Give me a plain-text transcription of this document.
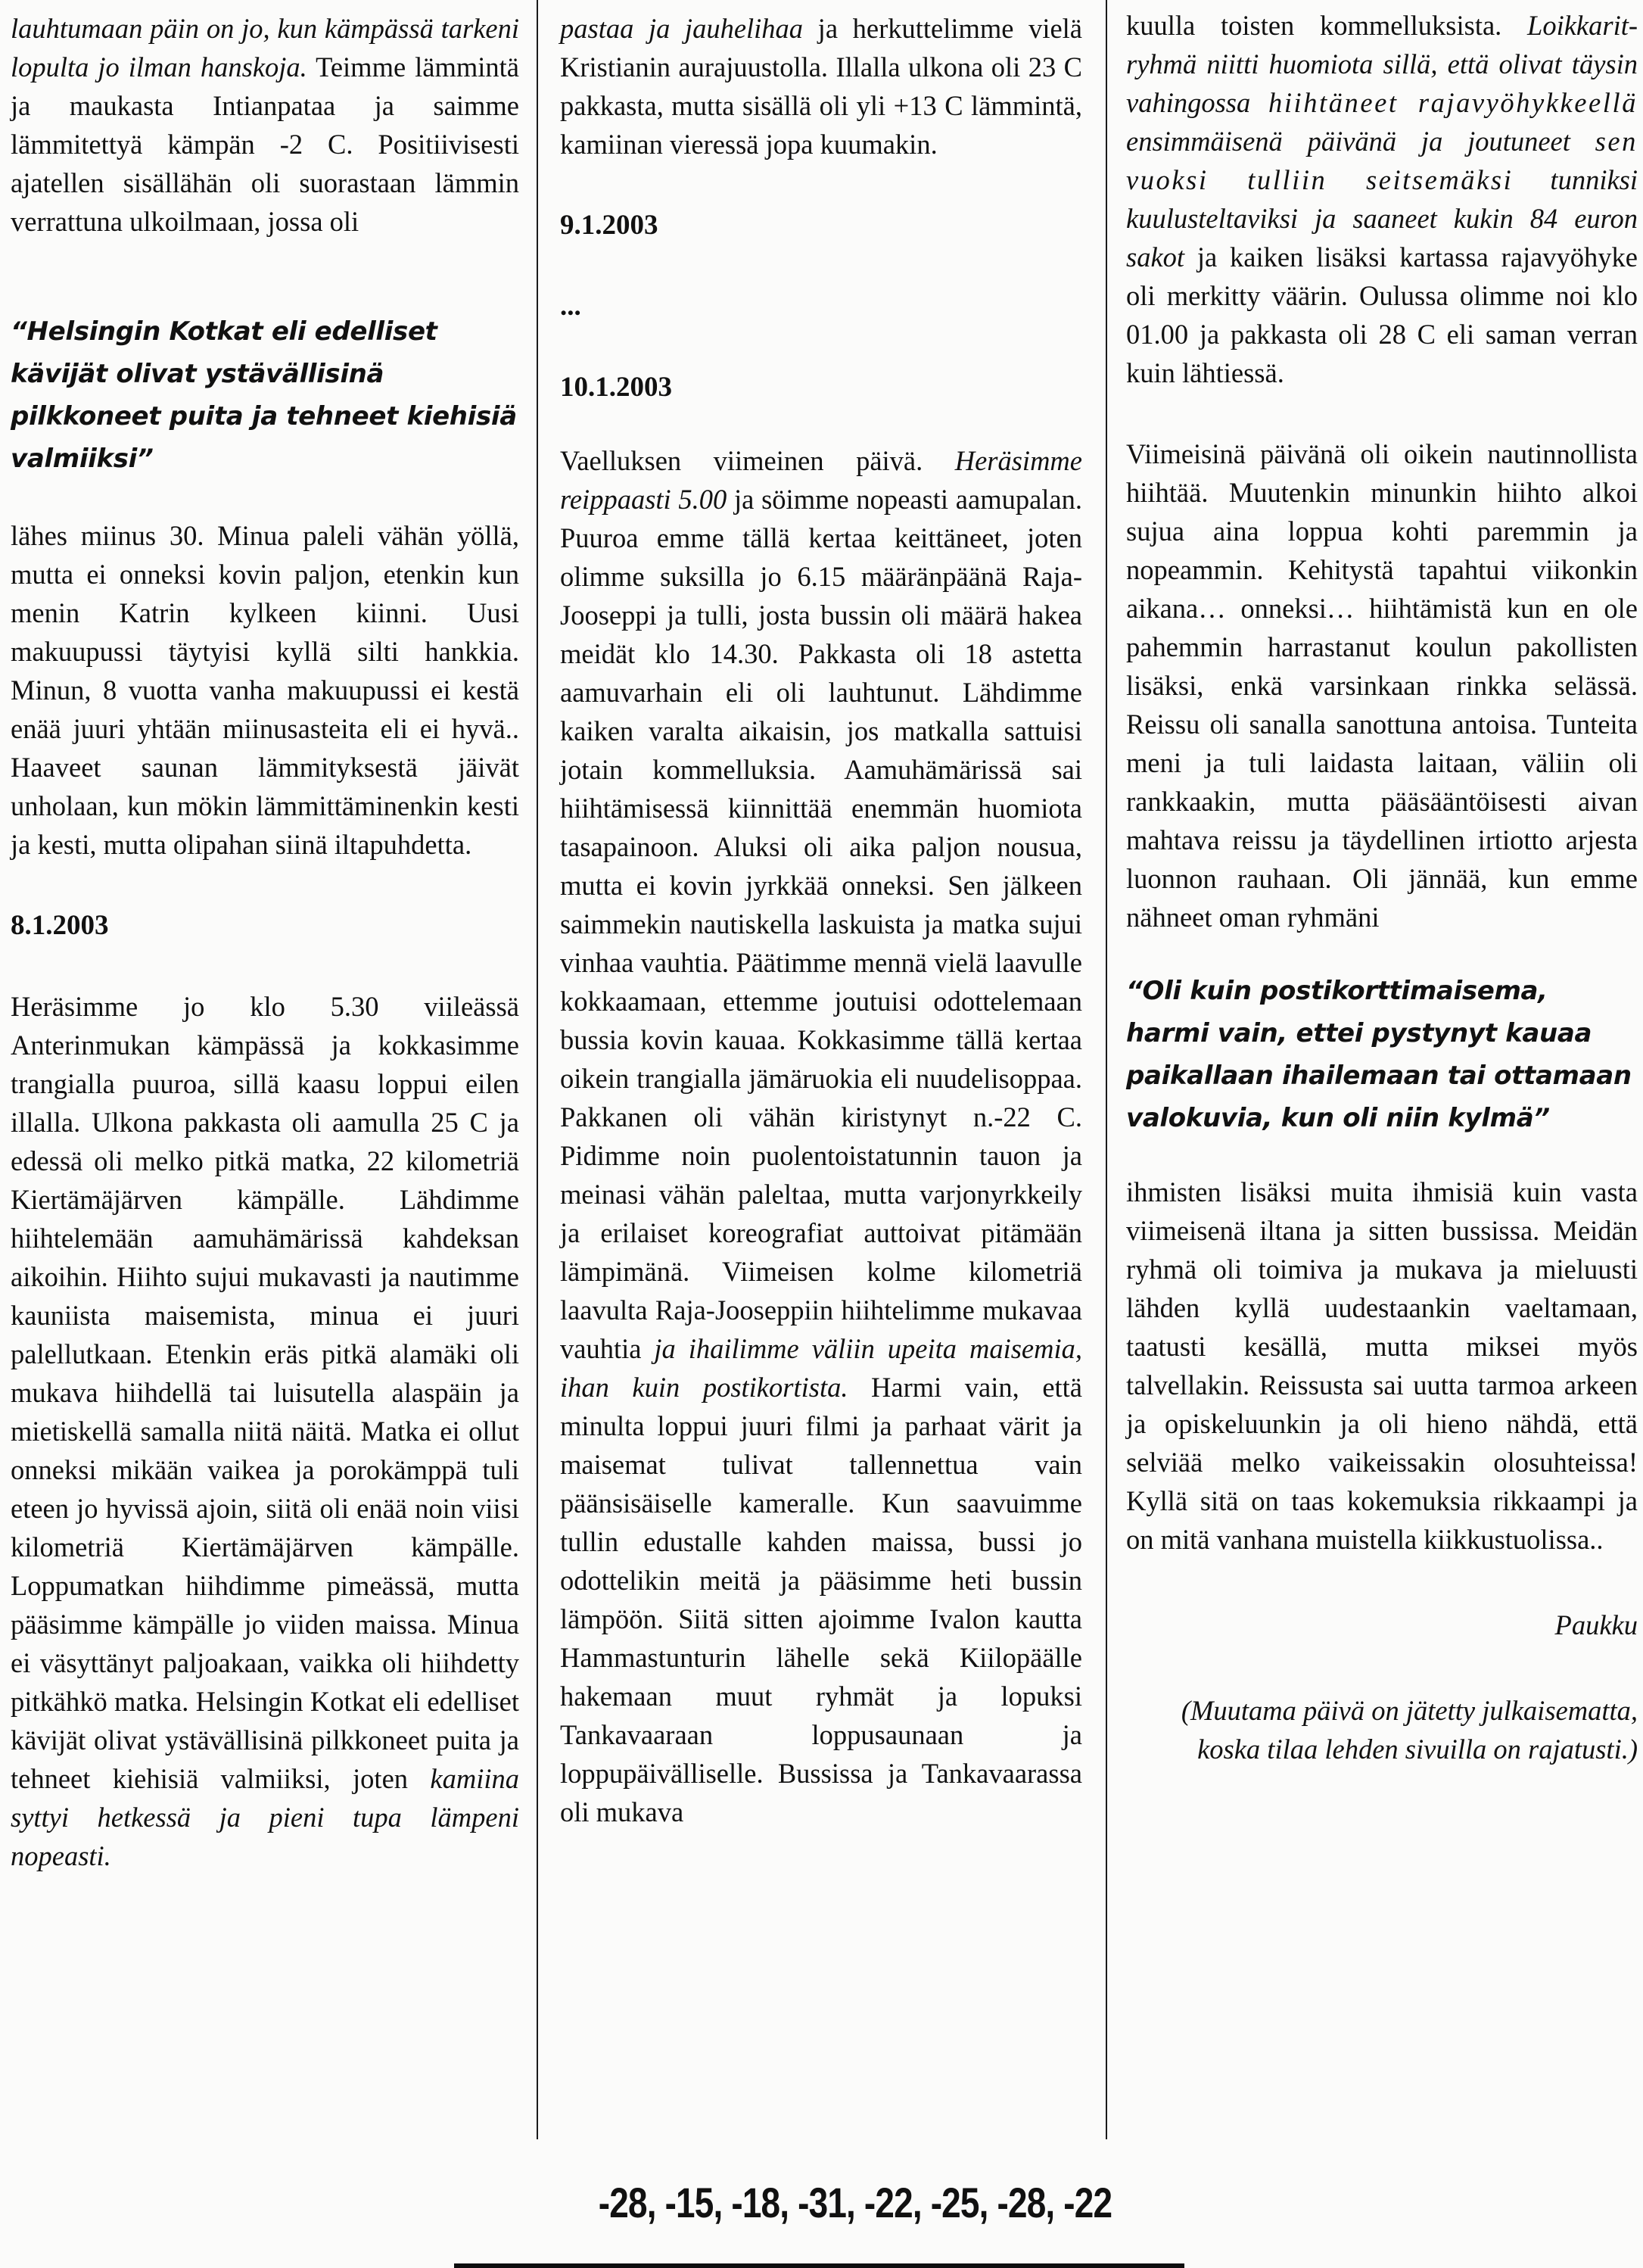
lauhtumaan päin on jo, kun kämpässä tarkeni lopulta jo ilman hanskoja. Teimme lämmintä ja maukasta Intianpataa ja saimme lämmitettyä kämpän -2 C. Positiivisesti ajatellen sisällähän oli suorastaan lämmin verrattuna ulkoilmaan, jossa oli

“Helsingin Kotkat eli edelliset kävijät olivat ystävällisinä pilkkoneet puita ja tehneet kiehisiä valmiiksi”

lähes miinus 30. Minua paleli vähän yöllä, mutta ei onneksi kovin paljon, etenkin kun menin Katrin kylkeen kiinni. Uusi makuupussi täytyisi kyllä silti hankkia. Minun, 8 vuotta vanha makuupussi ei kestä enää juuri yhtään miinusasteita eli ei hyvä.. Haaveet saunan lämmityksestä jäivät unholaan, kun mökin lämmittäminenkin kesti ja kesti, mutta olipahan siinä iltapuhdetta.

8.1.2003

Heräsimme jo klo 5.30 viileässä Anterinmukan kämpässä ja kokkasimme trangialla puuroa, sillä kaasu loppui eilen illalla. Ulkona pakkasta oli aamulla 25 C ja edessä oli melko pitkä matka, 22 kilometriä Kiertämäjärven kämpälle. Lähdimme hiihtelemään aamuhämärissä kahdeksan aikoihin. Hiihto sujui mukavasti ja nautimme kauniista maisemista, minua ei juuri palellutkaan. Etenkin eräs pitkä alamäki oli mukava hiihdellä tai luisutella alaspäin ja mietiskellä samalla niitä näitä. Matka ei ollut onneksi mikään vaikea ja porokämppä tuli eteen jo hyvissä ajoin, siitä oli enää noin viisi kilometriä Kiertämäjärven kämpälle. Loppumatkan hiihdimme pimeässä, mutta pääsimme kämpälle jo viiden maissa. Minua ei väsyttänyt paljoakaan, vaikka oli hiihdetty pitkähkö matka. Helsingin Kotkat eli edelliset kävijät olivat ystävällisinä pilkkoneet puita ja tehneet kiehisiä valmiiksi, joten kamiina syttyi hetkessä ja pieni tupa lämpeni nopeasti.

pastaa ja jauhelihaa ja herkuttelimme vielä Kristianin aurajuustolla. Illalla ulkona oli 23 C pakkasta, mutta sisällä oli yli +13 C lämmintä, kamiinan vieressä jopa kuumakin.

9.1.2003

...

10.1.2003

Vaelluksen viimeinen päivä. Heräsimme reippaasti 5.00 ja söimme nopeasti aamupalan. Puuroa emme tällä kertaa keittäneet, joten olimme suksilla jo 6.15 määränpäänä Raja-Jooseppi ja tulli, josta bussin oli määrä hakea meidät klo 14.30. Pakkasta oli 18 astetta aamuvarhain eli oli lauhtunut. Lähdimme kaiken varalta aikaisin, jos matkalla sattuisi jotain kommelluksia. Aamuhämärissä sai hiihtämisessä kiinnittää enemmän huomiota tasapainoon. Aluksi oli aika paljon nousua, mutta ei kovin jyrkkää onneksi. Sen jälkeen saimmekin nautiskella laskuista ja matka sujui vinhaa vauhtia. Päätimme mennä vielä laavulle kokkaamaan, ettemme joutuisi odottelemaan bussia kovin kauaa. Kokkasimme tällä kertaa oikein trangialla jämäruokia eli nuudelisoppaa. Pakkanen oli vähän kiristynyt n.-22 C. Pidimme noin puolentoistatunnin tauon ja meinasi vähän paleltaa, mutta varjonyrkkeily ja erilaiset koreografiat auttoivat pitämään lämpimänä. Viimeisen kolme kilometriä laavulta Raja-Jooseppiin hiihtelimme mukavaa vauhtia ja ihailimme väliin upeita maisemia, ihan kuin postikortista. Harmi vain, että minulta loppui juuri filmi ja parhaat värit ja maisemat tulivat tallennettua vain päänsisäiselle kameralle. Kun saavuimme tullin edustalle kahden maissa, bussi jo odottelikin meitä ja pääsimme heti bussin lämpöön. Siitä sitten ajoimme Ivalon kautta Hammastunturin lähelle sekä Kiilopäälle hakemaan muut ryhmät ja lopuksi Tankavaaraan loppusaunaan ja loppupäivälliselle. Bussissa ja Tankavaarassa oli mukava

kuulla toisten kommelluksista. Loikkarit-ryhmä niitti huomiota sillä, että olivat täysin vahingossa hiihtäneet rajavyöhykkeellä ensimmäisenä päivänä ja joutuneet sen vuoksi tulliin seitsemäksi tunniksi kuulusteltaviksi ja saaneet kukin 84 euron sakot ja kaiken lisäksi kartassa rajavyöhyke oli merkitty väärin. Oulussa olimme noi klo 01.00 ja pakkasta oli 28 C eli saman verran kuin lähtiessä.

Viimeisinä päivänä oli oikein nautinnollista hiihtää. Muutenkin minunkin hiihto alkoi sujua aina loppua kohti paremmin ja nopeammin. Kehitystä tapahtui viikonkin aikana… onneksi… hiihtämistä kun en ole pahemmin harrastanut koulun pakollisten lisäksi, enkä varsinkaan rinkka selässä. Reissu oli sanalla sanottuna antoisa. Tunteita meni ja tuli laidasta laitaan, väliin oli rankkaakin, mutta pääsääntöisesti aivan mahtava reissu ja täydellinen irtiotto arjesta luonnon rauhaan. Oli jännää, kun emme nähneet oman ryhmäni

“Oli kuin postikorttimaisema, harmi vain, ettei pystynyt kauaa paikallaan ihailemaan tai ottamaan valokuvia, kun oli niin kylmä”

ihmisten lisäksi muita ihmisiä kuin vasta viimeisenä iltana ja sitten bussissa. Meidän ryhmä oli toimiva ja mukava ja mieluusti lähden kyllä uudestaankin vaeltamaan, taatusti kesällä, mutta miksei myös talvellakin. Reissusta sai uutta tarmoa arkeen ja opiskeluunkin ja oli hieno nähdä, että selviää melko vaikeissakin olosuhteissa! Kyllä sitä on taas kokemuksia rikkaampi ja on mitä vanhana muistella kiikkustuolissa..

Paukku

(Muutama päivä on jätetty julkaisematta, koska tilaa lehden sivuilla on rajatusti.)

-28, -15, -18, -31, -22, -25, -28, -22
